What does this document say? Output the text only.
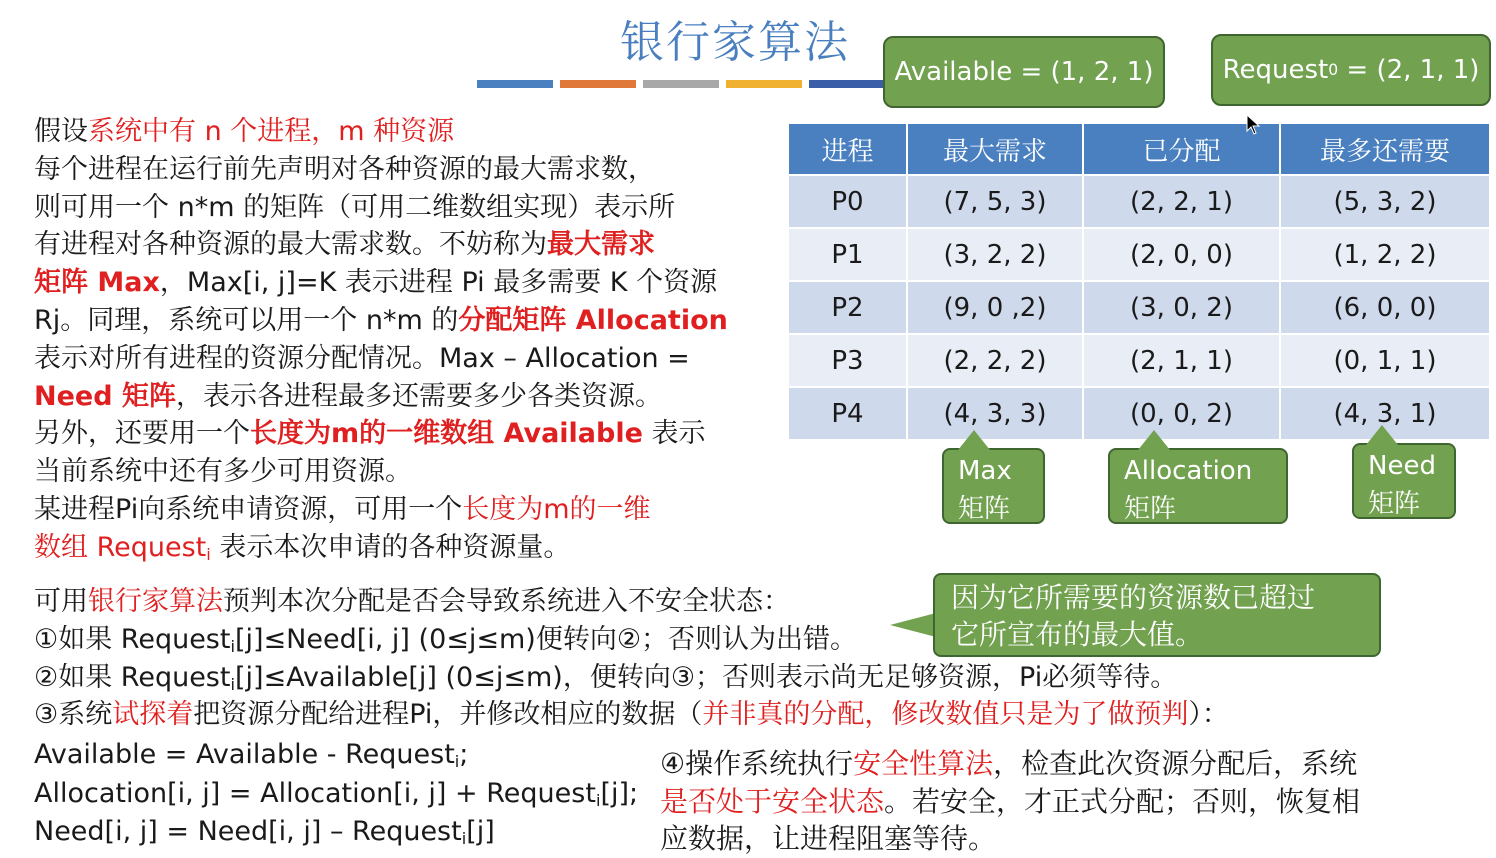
银行家算法
Available = (1, 2, 1)	Request 0 = (2, 1, 1)
进程	最大需求	已分配	最多还需要
P0	(7, 5, 3)	(2, 2, 1)	(5, 3, 2)
P1	(3, 2, 2)	(2, 0, 0)	(1, 2, 2)
P2	(9, 0 ,2)	(3, 0, 2)	(6, 0, 0)
P3	(2, 2, 2)	(2, 1, 1)	(0, 1, 1)
P4	(4, 3, 3)	(0, 0, 2)	(4, 3, 1)
Max
矩阵
Allocation
矩阵
Need
矩阵
假设系统中有 n 个进程，m 种资源
每个进程在运行前先声明对各种资源的最大需求数，
则可用一个 n*m 的矩阵（可用二维数组实现）表示所
有进程对各种资源的最大需求数。不妨称为最大需求
矩阵 Max，Max[i, j]=K 表示进程 Pi 最多需要 K 个资源
Rj。同理，系统可以用一个 n*m 的分配矩阵 Allocation
表示对所有进程的资源分配情况。Max – Allocation =
Need 矩阵，表示各进程最多还需要多少各类资源。
另外，还要用一个长度为m的一维数组 Available 表示
当前系统中还有多少可用资源。
某进程Pi向系统申请资源，可用一个长度为m的一维
数组 Request$_i$ 表示本次申请的各种资源量。
可用银行家算法预判本次分配是否会导致系统进入不安全状态：
①如果 Request$_i$[j]≤Need[i, j] (0≤j≤m)便转向②；否则认为出错。
②如果 Request$_i$[j]≤Available[j] (0≤j≤m)，便转向③；否则表示尚无足够资源，Pi必须等待。
③系统试探着把资源分配给进程Pi，并修改相应的数据（并非真的分配，修改数值只是为了做预判）：
因为它所需要的资源数已超过
它所宣布的最大值。
Available = Available - Request$_i$;
Allocation[i, j] = Allocation[i, j] + Request$_i$[j];
Need[i, j] = Need[i, j] – Request$_i$[j]
④操作系统执行安全性算法，检查此次资源分配后，系统
是否处于安全状态。若安全，才正式分配；否则，恢复相
应数据，让进程阻塞等待。
